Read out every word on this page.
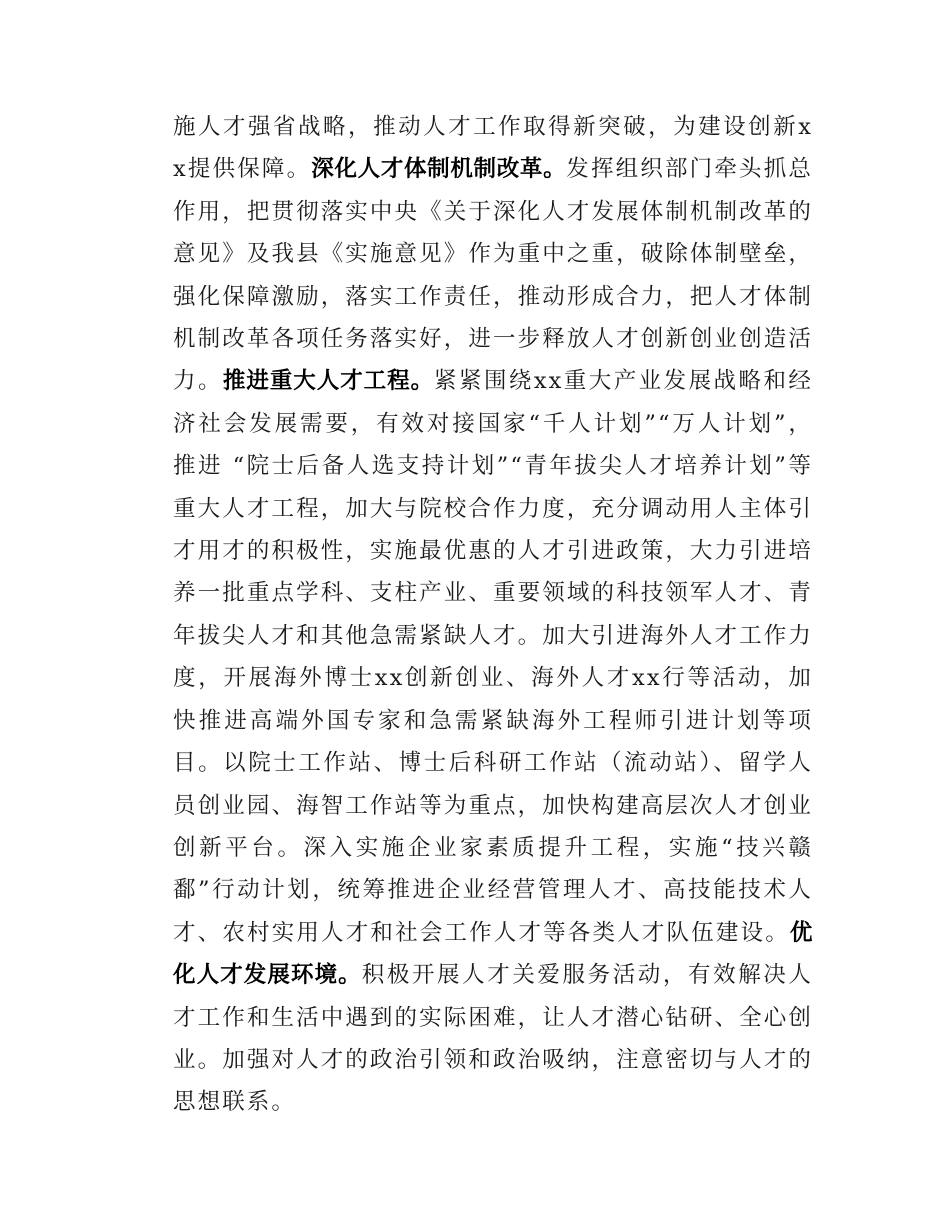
施人才强省战略，推动人才工作取得新突破，为建设创新xx提供保障。深化人才体制机制改革。发挥组织部门牵头抓总作用，把贯彻落实中央《关于深化人才发展体制机制改革的意见》及我县《实施意见》作为重中之重，破除体制壁垒，强化保障激励，落实工作责任，推动形成合力，把人才体制机制改革各项任务落实好，进一步释放人才创新创业创造活力。推进重大人才工程。紧紧围绕xx重大产业发展战略和经济社会发展需要，有效对接国家“千人计划”“万人计划”，推进 “院士后备人选支持计划”“青年拔尖人才培养计划”等重大人才工程，加大与院校合作力度，充分调动用人主体引才用才的积极性，实施最优惠的人才引进政策，大力引进培养一批重点学科、支柱产业、重要领域的科技领军人才、青年拔尖人才和其他急需紧缺人才。加大引进海外人才工作力度，开展海外博士xx创新创业、海外人才xx行等活动，加快推进高端外国专家和急需紧缺海外工程师引进计划等项目。以院士工作站、博士后科研工作站（流动站）、留学人员创业园、海智工作站等为重点，加快构建高层次人才创业创新平台。深入实施企业家素质提升工程，实施“技兴赣鄱”行动计划，统筹推进企业经营管理人才、高技能技术人才、农村实用人才和社会工作人才等各类人才队伍建设。优化人才发展环境。积极开展人才关爱服务活动，有效解决人才工作和生活中遇到的实际困难，让人才潜心钻研、全心创业。加强对人才的政治引领和政治吸纳，注意密切与人才的思想联系。
